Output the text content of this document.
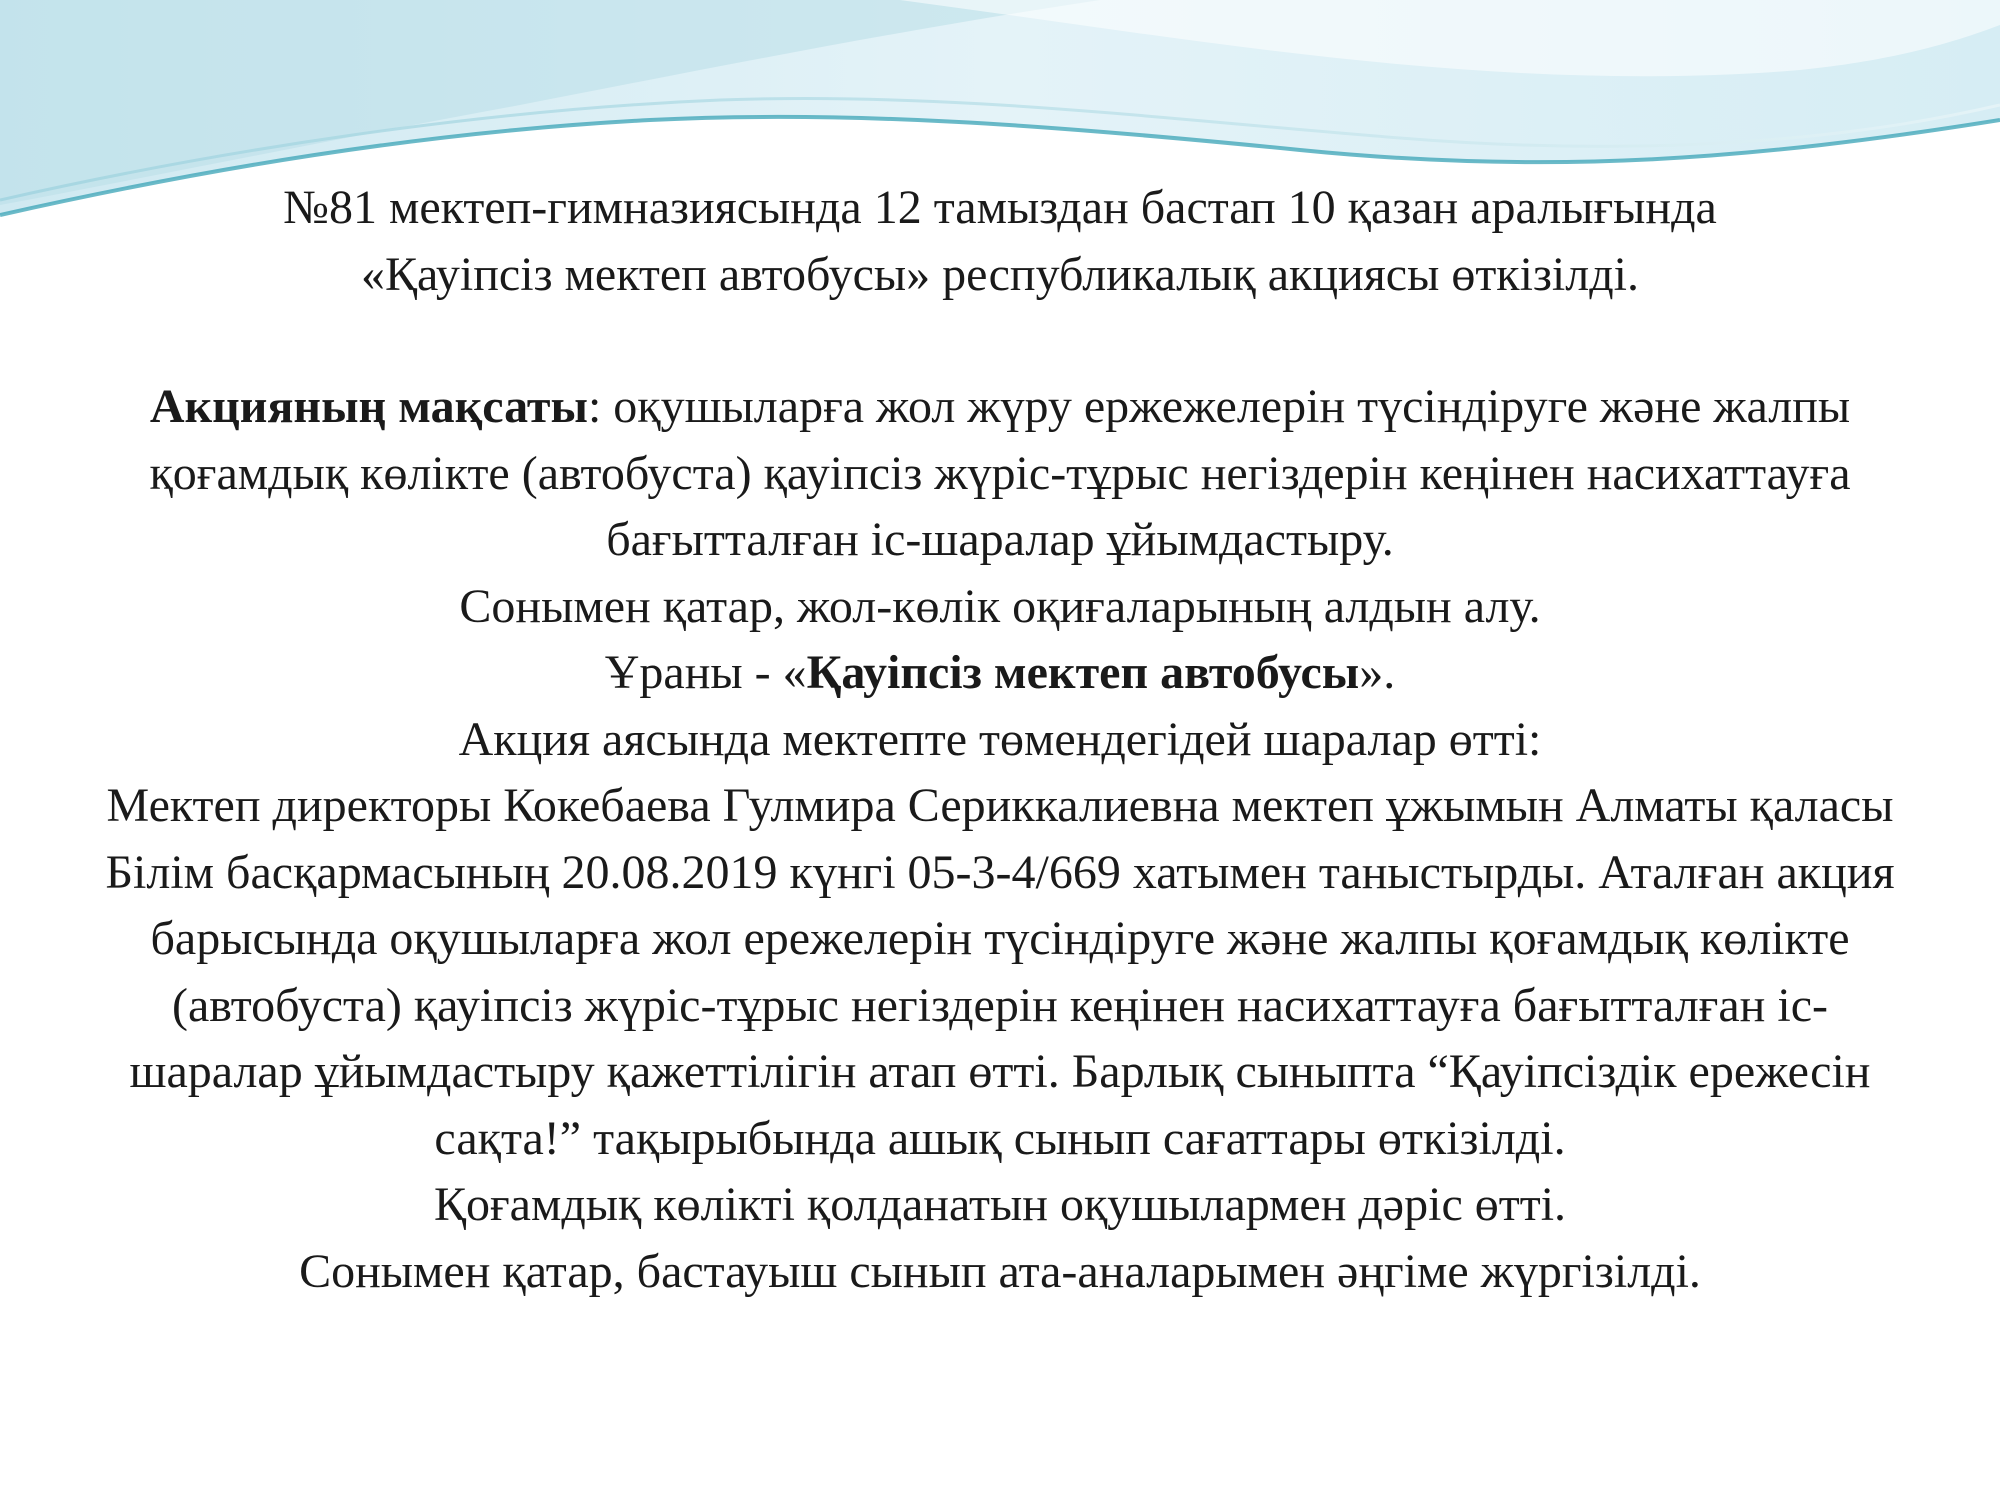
№81 мектеп-гимназиясында 12 тамыздан бастап 10 қазан аралығында

«Қауіпсіз мектеп автобусы» республикалық акциясы өткізілді.

Акцияның мақсаты: оқушыларға жол жүру ержежелерін түсіндіруге және жалпы қоғамдық көлікте (автобуста) қауіпсіз жүріс-тұрыс негіздерін кеңінен насихаттауға бағытталған іс-шаралар ұйымдастыру.

Сонымен қатар, жол-көлік оқиғаларының алдын алу.

Ұраны - «Қауіпсіз мектеп автобусы».

Акция аясында мектепте төмендегідей шаралар өтті:

Мектеп директоры Кокебаева Гулмира Сериккалиевна мектеп ұжымын Алматы қаласы Білім басқармасының 20.08.2019 күнгі 05-3-4/669 хатымен таныстырды. Аталған акция барысында оқушыларға жол ережелерін түсіндіруге және жалпы қоғамдық көлікте (автобуста) қауіпсіз жүріс-тұрыс негіздерін кеңінен насихаттауға бағытталған іс-шаралар ұйымдастыру қажеттілігін атап өтті. Барлық сыныпта “Қауіпсіздік ережесін сақта!” тақырыбында ашық сынып сағаттары өткізілді.

Қоғамдық көлікті қолданатын оқушылармен дәріс өтті.

Сонымен қатар, бастауыш сынып ата-аналарымен әңгіме жүргізілді.
